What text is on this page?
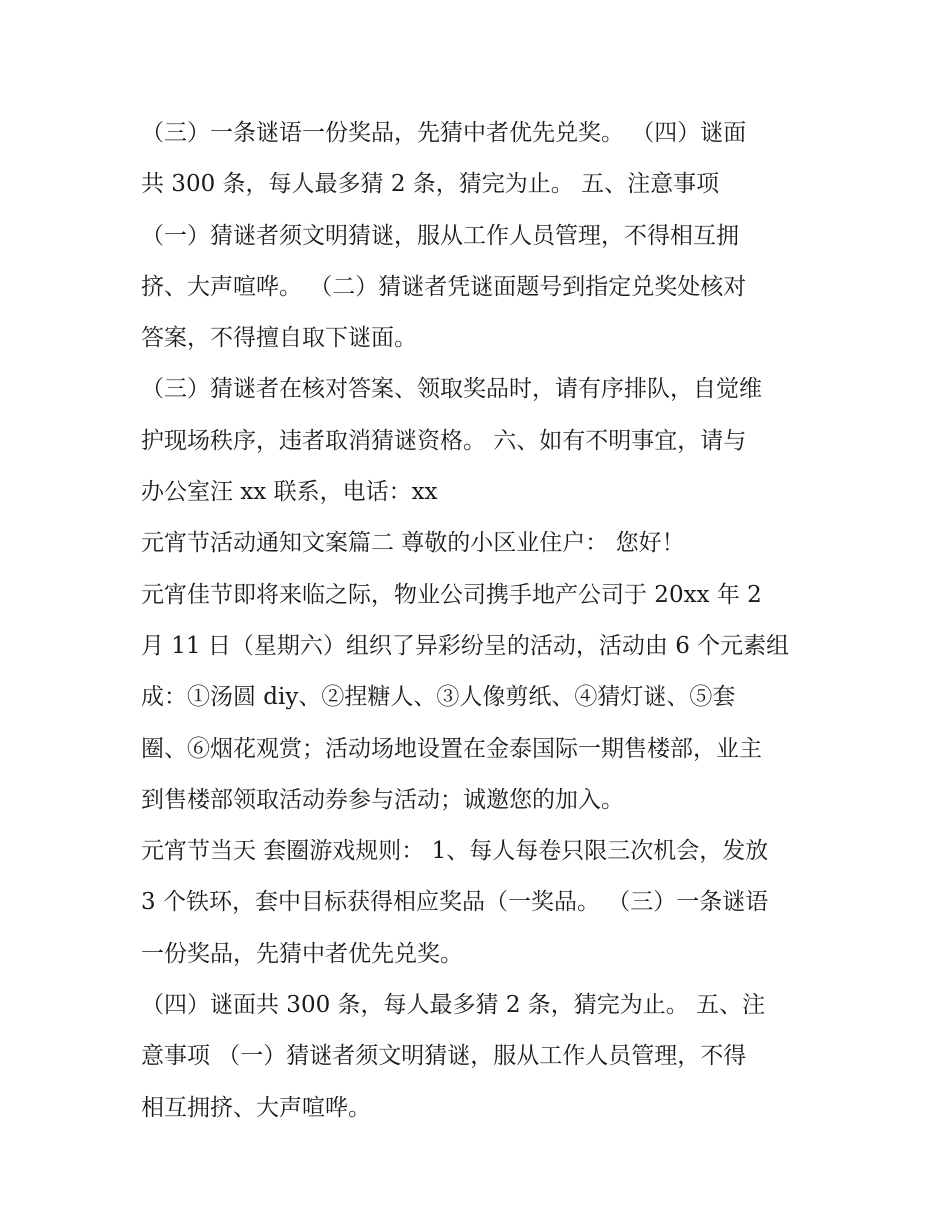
（三）一条谜语一份奖品，先猜中者优先兑奖。 （四）谜面
共 300 条，每人最多猜 2 条，猜完为止。 五、注意事项
（一）猜谜者须文明猜谜，服从工作人员管理，不得相互拥
挤、大声喧哗。 （二）猜谜者凭谜面题号到指定兑奖处核对
答案，不得擅自取下谜面。
（三）猜谜者在核对答案、领取奖品时，请有序排队，自觉维
护现场秩序，违者取消猜谜资格。 六、如有不明事宜，请与
办公室汪 xx 联系，电话：xx
元宵节活动通知文案篇二 尊敬的小区业住户： 您好！
元宵佳节即将来临之际，物业公司携手地产公司于 20xx 年 2
月 11 日（星期六）组织了异彩纷呈的活动，活动由 6 个元素组
成：①汤圆 diy、②捏糖人、③人像剪纸、④猜灯谜、⑤套
圈、⑥烟花观赏；活动场地设置在金泰国际一期售楼部，业主
到售楼部领取活动券参与活动；诚邀您的加入。
元宵节当天 套圈游戏规则： 1、每人每卷只限三次机会，发放
3 个铁环，套中目标获得相应奖品（一奖品。 （三）一条谜语
一份奖品，先猜中者优先兑奖。
（四）谜面共 300 条，每人最多猜 2 条，猜完为止。 五、注
意事项 （一）猜谜者须文明猜谜，服从工作人员管理，不得
相互拥挤、大声喧哗。
